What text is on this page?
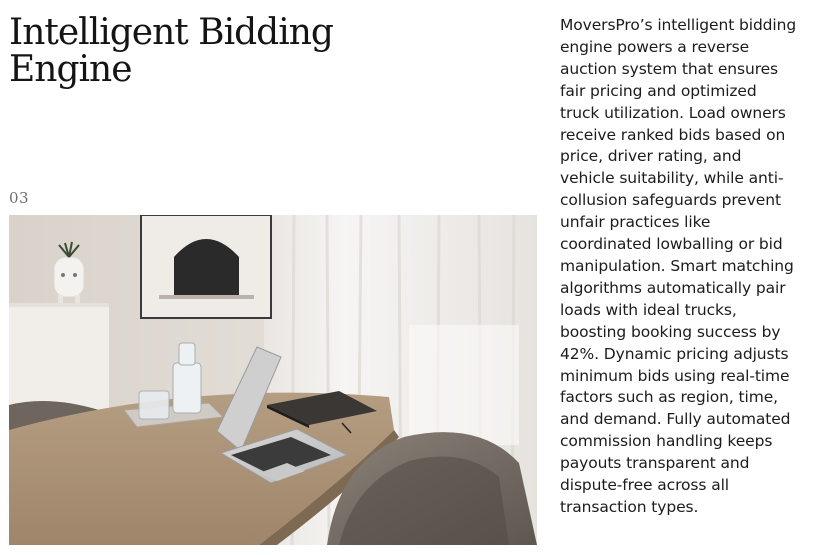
Intelligent Bidding Engine
03

MoversPro’s intelligent bidding engine powers a reverse auction system that ensures fair pricing and optimized truck utilization. Load owners receive ranked bids based on price, driver rating, and vehicle suitability, while anti-collusion safeguards prevent unfair practices like coordinated lowballing or bid manipulation. Smart matching algorithms automatically pair loads with ideal trucks, boosting booking success by 42%. Dynamic pricing adjusts minimum bids using real-time factors such as region, time, and demand. Fully automated commission handling keeps payouts transparent and dispute-free across all transaction types.
